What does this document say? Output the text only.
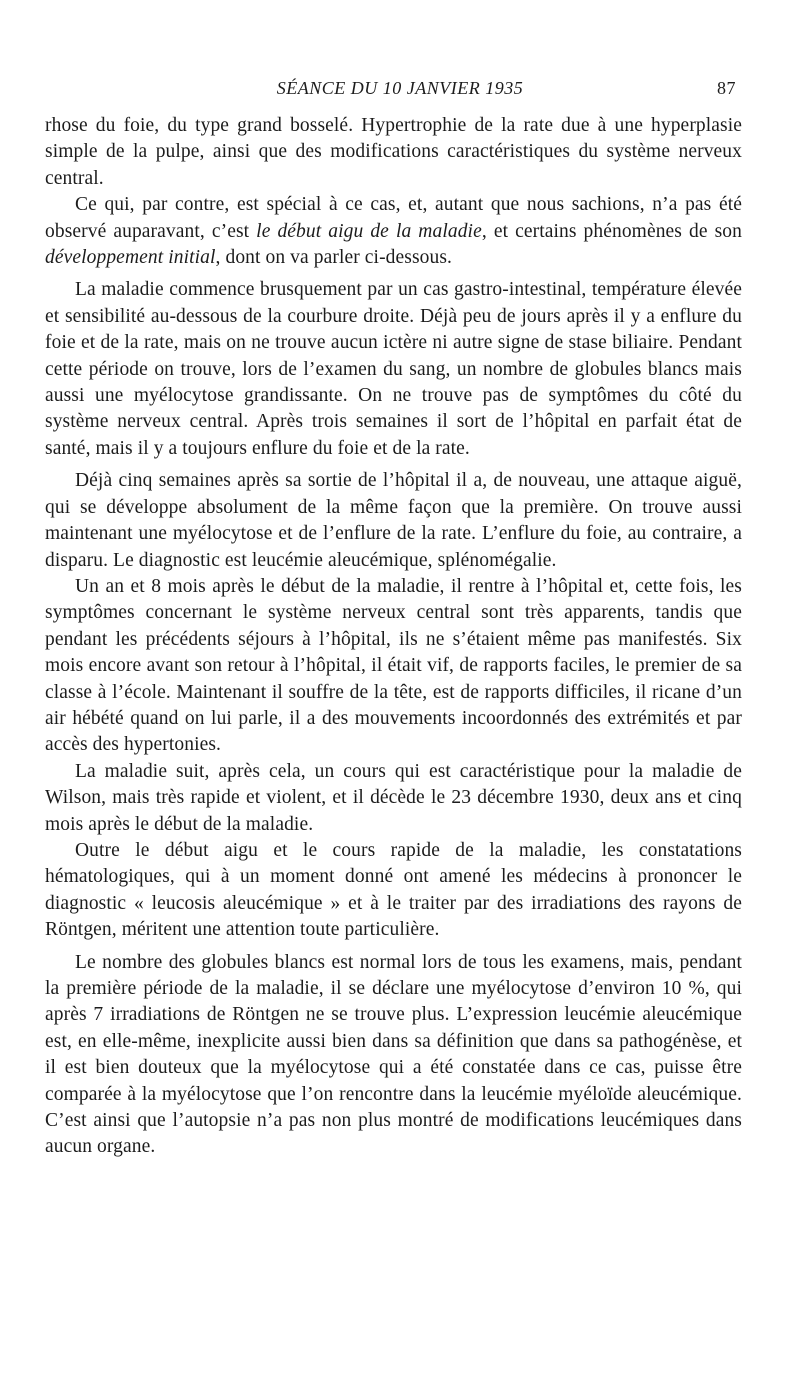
SÉANCE DU 10 JANVIER 1935	87

rhose du foie, du type grand bosselé. Hypertrophie de la rate due à une hyperplasie simple de la pulpe, ainsi que des modifications caractéristiques du système nerveux central.

Ce qui, par contre, est spécial à ce cas, et, autant que nous sachions, n’a pas été observé auparavant, c’est le début aigu de la maladie, et certains phénomènes de son développement initial, dont on va parler ci-dessous.

La maladie commence brusquement par un cas gastro-intestinal, température élevée et sensibilité au-dessous de la courbure droite. Déjà peu de jours après il y a enflure du foie et de la rate, mais on ne trouve aucun ictère ni autre signe de stase biliaire. Pendant cette période on trouve, lors de l’examen du sang, un nombre de globules blancs mais aussi une myélocytose grandissante. On ne trouve pas de symptômes du côté du système nerveux central. Après trois semaines il sort de l’hôpital en parfait état de santé, mais il y a toujours enflure du foie et de la rate.

Déjà cinq semaines après sa sortie de l’hôpital il a, de nouveau, une attaque aiguë, qui se développe absolument de la même façon que la première. On trouve aussi maintenant une myélocytose et de l’enflure de la rate. L’enflure du foie, au contraire, a disparu. Le diagnostic est leucémie aleucémique, splénomégalie.

Un an et 8 mois après le début de la maladie, il rentre à l’hôpital et, cette fois, les symptômes concernant le système nerveux central sont très apparents, tandis que pendant les précédents séjours à l’hôpital, ils ne s’étaient même pas manifestés. Six mois encore avant son retour à l’hôpital, il était vif, de rapports faciles, le premier de sa classe à l’école. Maintenant il souffre de la tête, est de rapports difficiles, il ricane d’un air hébété quand on lui parle, il a des mouvements incoordonnés des extrémités et par accès des hypertonies.

La maladie suit, après cela, un cours qui est caractéristique pour la maladie de Wilson, mais très rapide et violent, et il décède le 23 décembre 1930, deux ans et cinq mois après le début de la maladie.

Outre le début aigu et le cours rapide de la maladie, les constatations hématologiques, qui à un moment donné ont amené les médecins à prononcer le diagnostic « leucosis aleucémique » et à le traiter par des irradiations des rayons de Röntgen, méritent une attention toute particulière.

Le nombre des globules blancs est normal lors de tous les examens, mais, pendant la première période de la maladie, il se déclare une myélocytose d’environ 10 %, qui après 7 irradiations de Röntgen ne se trouve plus. L’expression leucémie aleucémique est, en elle-même, inexplicite aussi bien dans sa définition que dans sa pathogénèse, et il est bien douteux que la myélocytose qui a été constatée dans ce cas, puisse être comparée à la myélocytose que l’on rencontre dans la leucémie myéloïde aleucémique. C’est ainsi que l’autopsie n’a pas non plus montré de modifications leucémiques dans aucun organe.
